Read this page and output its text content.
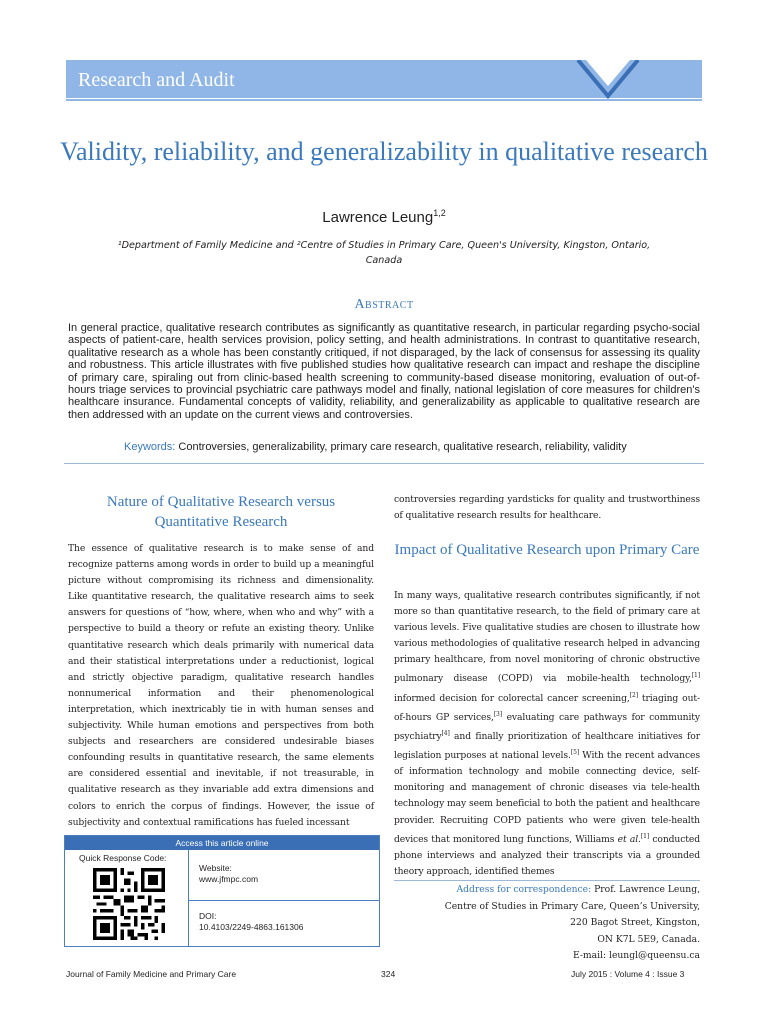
Research and Audit
Validity, reliability, and generalizability in qualitative research
Lawrence Leung$^{1,2}$
¹Department of Family Medicine and ²Centre of Studies in Primary Care, Queen's University, Kingston, Ontario, Canada
Abstract
In general practice, qualitative research contributes as significantly as quantitative research, in particular regarding psycho-social aspects of patient-care, health services provision, policy setting, and health administrations. In contrast to quantitative research, qualitative research as a whole has been constantly critiqued, if not disparaged, by the lack of consensus for assessing its quality and robustness. This article illustrates with five published studies how qualitative research can impact and reshape the discipline of primary care, spiraling out from clinic-based health screening to community-based disease monitoring, evaluation of out-of-hours triage services to provincial psychiatric care pathways model and finally, national legislation of core measures for children's healthcare insurance. Fundamental concepts of validity, reliability, and generalizability as applicable to qualitative research are then addressed with an update on the current views and controversies.
Keywords: Controversies, generalizability, primary care research, qualitative research, reliability, validity
Nature of Qualitative Research versus Quantitative Research
The essence of qualitative research is to make sense of and recognize patterns among words in order to build up a meaningful picture without compromising its richness and dimensionality. Like quantitative research, the qualitative research aims to seek answers for questions of “how, where, when who and why” with a perspective to build a theory or refute an existing theory. Unlike quantitative research which deals primarily with numerical data and their statistical interpretations under a reductionist, logical and strictly objective paradigm, qualitative research handles nonnumerical information and their phenomenological interpretation, which inextricably tie in with human senses and subjectivity. While human emotions and perspectives from both subjects and researchers are considered undesirable biases confounding results in quantitative research, the same elements are considered essential and inevitable, if not treasurable, in qualitative research as they invariable add extra dimensions and colors to enrich the corpus of findings. However, the issue of subjectivity and contextual ramifications has fueled incessant
controversies regarding yardsticks for quality and trustworthiness of qualitative research results for healthcare.
Impact of Qualitative Research upon Primary Care
In many ways, qualitative research contributes significantly, if not more so than quantitative research, to the field of primary care at various levels. Five qualitative studies are chosen to illustrate how various methodologies of qualitative research helped in advancing primary healthcare, from novel monitoring of chronic obstructive pulmonary disease (COPD) via mobile-health technology,[1] informed decision for colorectal cancer screening,[2] triaging out-of-hours GP services,[3] evaluating care pathways for community psychiatry[4] and finally prioritization of healthcare initiatives for legislation purposes at national levels.[5] With the recent advances of information technology and mobile connecting device, self-monitoring and management of chronic diseases via tele-health technology may seem beneficial to both the patient and healthcare provider. Recruiting COPD patients who were given tele-health devices that monitored lung functions, Williams et al.[1] conducted phone interviews and analyzed their transcripts via a grounded theory approach, identified themes
Access this article online
Quick Response Code:
Website:
www.jfmpc.com
DOI:
10.4103/2249-4863.161306
Address for correspondence: Prof. Lawrence Leung,
Centre of Studies in Primary Care, Queen’s University,
220 Bagot Street, Kingston,
ON K7L 5E9, Canada.
E-mail: leungl@queensu.ca
Journal of Family Medicine and Primary Care	324	July 2015 : Volume 4 : Issue 3
